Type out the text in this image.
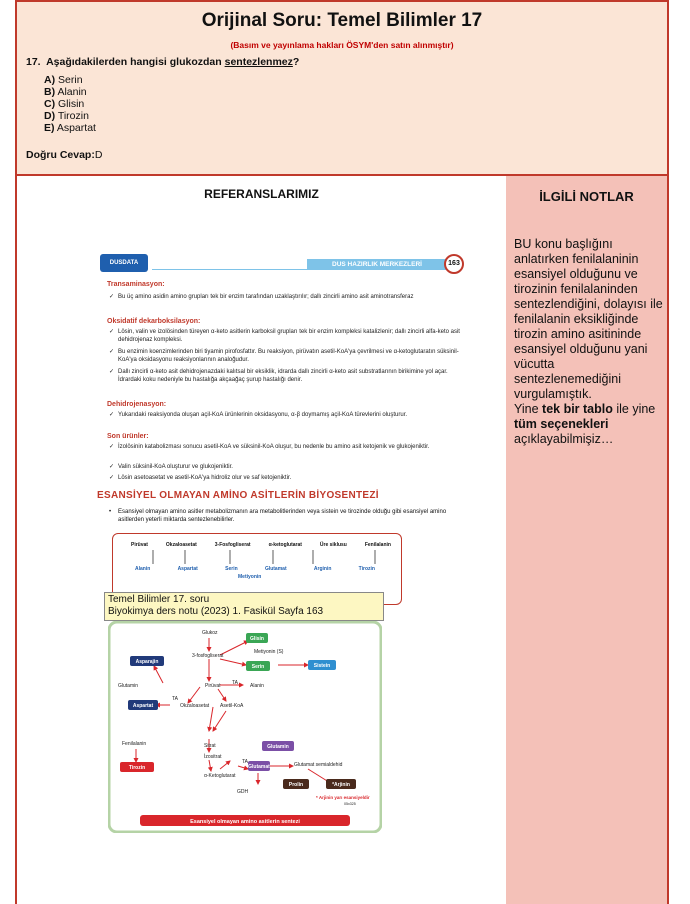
Orijinal Soru: Temel Bilimler 17
(Basım ve yayınlama hakları ÖSYM'den satın alınmıştır)
17. Aşağıdakilerden hangisi glukozdan sentezlenmez?
A) Serin
B) Alanin
C) Glisin
D) Tirozin
E) Aspartat
Doğru Cevap:D
REFERANSLARIMIZ
DUSDATA	DUS HAZIRLIK MERKEZLERİ	163
Transaminasyon:
✓ Bu üç amino asidin amino grupları tek bir enzim tarafından uzaklaştırılır; dallı zincirli amino asit aminotransferaz
Oksidatif dekarboksilasyon:
✓ Lösin, valin ve izolösinden türeyen α-keto asitlerin karboksil grupları tek bir enzim kompleksi katalizlenir; dallı zincirli alfa-keto asit dehidrojenaz kompleksi.
✓ Bu enzimin koenzimlerinden biri tiyamin pirofosfattır. Bu reaksiyon, pirüvatın asetil-KoA'ya çevrilmesi ve α-ketoglutaratın süksinil-KoA'ya oksidasyonu reaksiyonlarının analoğudur.
✓ Dallı zincirli α-keto asit dehidrojenazdaki kalıtsal bir eksiklik, idrarda dallı zincirli α-keto asit substratlarının birikimine yol açar. İdrardaki koku nedeniyle bu hastalığa akçaağaç şurup hastalığı denir.
Dehidrojenasyon:
✓ Yukarıdaki reaksiyonda oluşan açil-KoA ürünlerinin oksidasyonu, α-β doymamış açil-KoA türevlerini oluşturur.
Son ürünler:
✓ İzolösinin katabolizması sonucu asetil-KoA ve süksinil-KoA oluşur, bu nedenle bu amino asit ketojenik ve glukojeniktir.
✓ Valin süksinil-KoA oluşturur ve glukojeniktir.
✓ Lösin asetoasetat ve asetil-KoA'ya hidroliz olur ve saf ketojeniktir.
ESANSİYEL OLMAYAN AMİNO ASİTLERİN BİYOSENTEZİ
• Esansiyel olmayan amino asitler metabolizmanın ara metabolitlerinden veya sistein ve tirozinde olduğu gibi esansiyel amino asitlerden yeterli miktarda sentezlenebilirler.
Pirüvat	Okzaloasetat	3-Fosfogliserat	α-ketoglutarat	Üre siklusu	Fenilalanin
Alanin	Aspartat	Serin	Glutamat	Arginin	Tirozin
Metiyonin
Temel Bilimler 17. soru
Biyokimya ders notu (2023) 1. Fasikül Sayfa 163
Glukoz
3-fosfogliserat
Metiyonin (S)
Glutamin
TA
Pirüvat TA Alanin
Okzaloasetat Asetil-KoA
Fenilalanin	Sitrat
İzositrat
α-Ketoglutarat
TA	Glutamat semialdehid
GDH
05x325
Glisin
Serin	Sistein
Asparajin
Aspartat
Glutamin
Glutamat
Tirozin
Prolin	*Arjinin
* Arjinin yarı esansiyeldir
Esansiyel olmayan amino asitlerin sentezi
İLGİLİ NOTLAR
BU konu başlığını anlatırken fenilalaninin esansiyel olduğunu ve tirozinin fenilalaninden sentezlendiğini, dolayısı ile fenilalanin eksikliğinde tirozin amino asitininde esansiyel olduğunu yani vücutta sentezlenemediğini vurgulamıştık.
Yine tek bir tablo ile yine tüm seçenekleri açıklayabilmişiz…
